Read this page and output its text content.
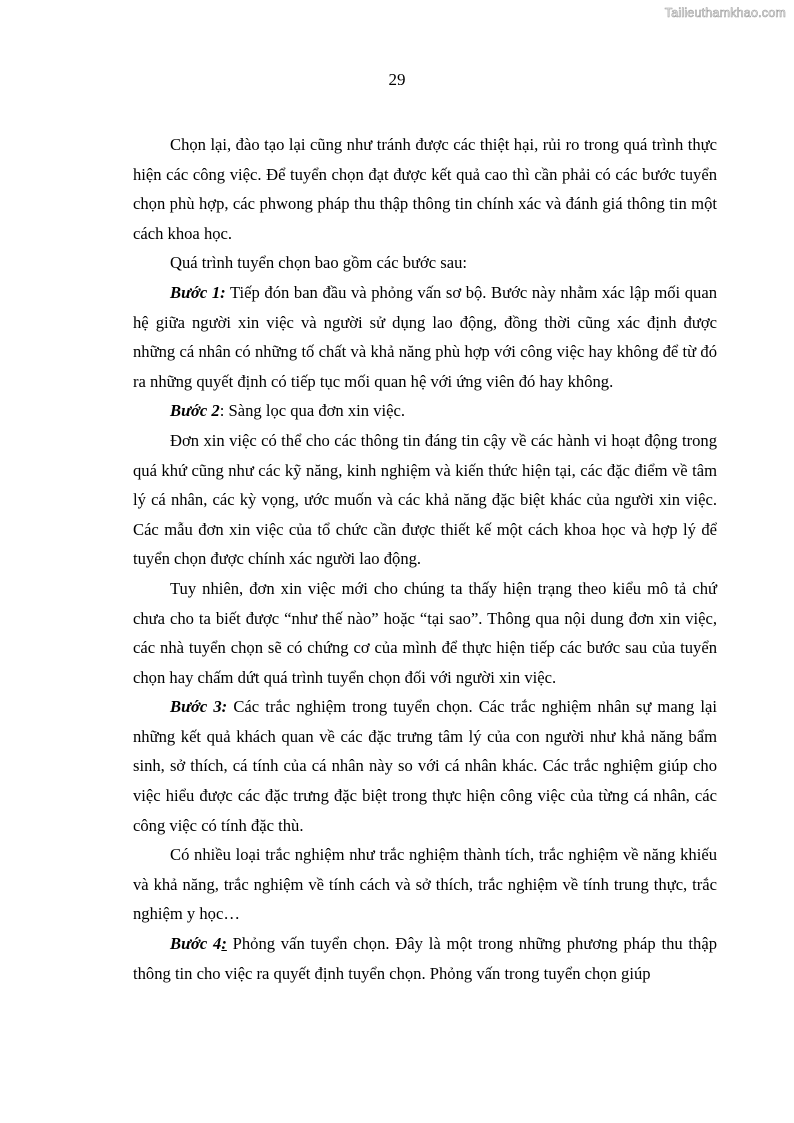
Tailieuthamkhao.com
29

Chọn lại, đào tạo lại cũng như tránh được các thiệt hại, rủi ro trong quá trình thực hiện các công việc. Để tuyển chọn đạt được kết quả cao thì cần phải có các bước tuyển chọn phù hợp, các phwong pháp thu thập thông tin chính xác và đánh giá thông tin một cách khoa học.

Quá trình tuyển chọn bao gồm các bước sau:

Bước 1: Tiếp đón ban đầu và phỏng vấn sơ bộ. Bước này nhằm xác lập mối quan hệ giữa người xin việc và người sử dụng lao động, đồng thời cũng xác định được những cá nhân có những tố chất và khả năng phù hợp với công việc hay không để từ đó ra những quyết định có tiếp tục mối quan hệ với ứng viên đó hay không.

Bước 2: Sàng lọc qua đơn xin việc.

Đơn xin việc có thể cho các thông tin đáng tin cậy về các hành vi hoạt động trong quá khứ cũng như các kỹ năng, kinh nghiệm và kiến thức hiện tại, các đặc điểm về tâm lý cá nhân, các kỳ vọng, ước muốn và các khả năng đặc biệt khác của người xin việc. Các mẫu đơn xin việc của tổ chức cần được thiết kế một cách khoa học và hợp lý để tuyển chọn được chính xác người lao động.

Tuy nhiên, đơn xin việc mới cho chúng ta thấy hiện trạng theo kiểu mô tả chứ chưa cho ta biết được “như thế nào” hoặc “tại sao”. Thông qua nội dung đơn xin việc, các nhà tuyển chọn sẽ có chứng cơ của mình để thực hiện tiếp các bước sau của tuyển chọn hay chấm dứt quá trình tuyển chọn đối với người xin việc.

Bước 3: Các trắc nghiệm trong tuyển chọn. Các trắc nghiệm nhân sự mang lại những kết quả khách quan về các đặc trưng tâm lý của con người như khả năng bẩm sinh, sở thích, cá tính của cá nhân này so với cá nhân khác. Các trắc nghiệm giúp cho việc hiểu được các đặc trưng đặc biệt trong thực hiện công việc của từng cá nhân, các công việc có tính đặc thù.

Có nhiều loại trắc nghiệm như trắc nghiệm thành tích, trắc nghiệm về năng khiếu và khả năng, trắc nghiệm về tính cách và sở thích, trắc nghiệm về tính trung thực, trắc nghiệm y học…

Bước 4: Phỏng vấn tuyển chọn. Đây là một trong những phương pháp thu thập thông tin cho việc ra quyết định tuyển chọn. Phỏng vấn trong tuyển chọn giúp
